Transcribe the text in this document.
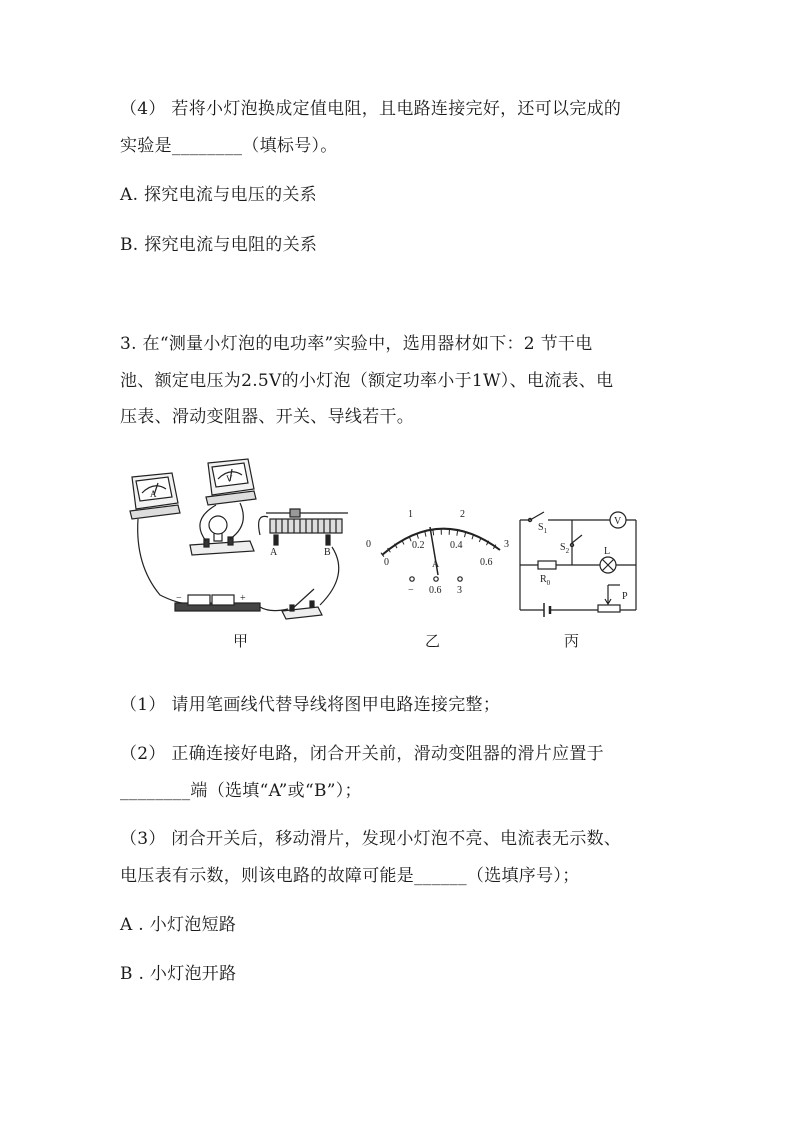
（4） 若将小灯泡换成定值电阻，且电路连接完好，还可以完成的
实验是________（填标号）。
A. 探究电流与电压的关系
B. 探究电流与电阻的关系
3. 在“测量小灯泡的电功率”实验中，选用器材如下：2 节干电
池、额定电压为2.5V的小灯泡（额定功率小于1W）、电流表、电
压表、滑动变阻器、开关、导线若干。
A
V
A	B
−	+
0
1	2
3
0
0.2	0.4
0.6
A
− 0.6 3
$S_1$
$S_2$
V
L
$R_0$
P
甲	乙	丙
（1） 请用笔画线代替导线将图甲电路连接完整；
（2） 正确连接好电路，闭合开关前，滑动变阻器的滑片应置于
________端（选填“A”或“B”）；
（3） 闭合开关后，移动滑片，发现小灯泡不亮、电流表无示数、
电压表有示数，则该电路的故障可能是______（选填序号）；
A . 小灯泡短路
B . 小灯泡开路
